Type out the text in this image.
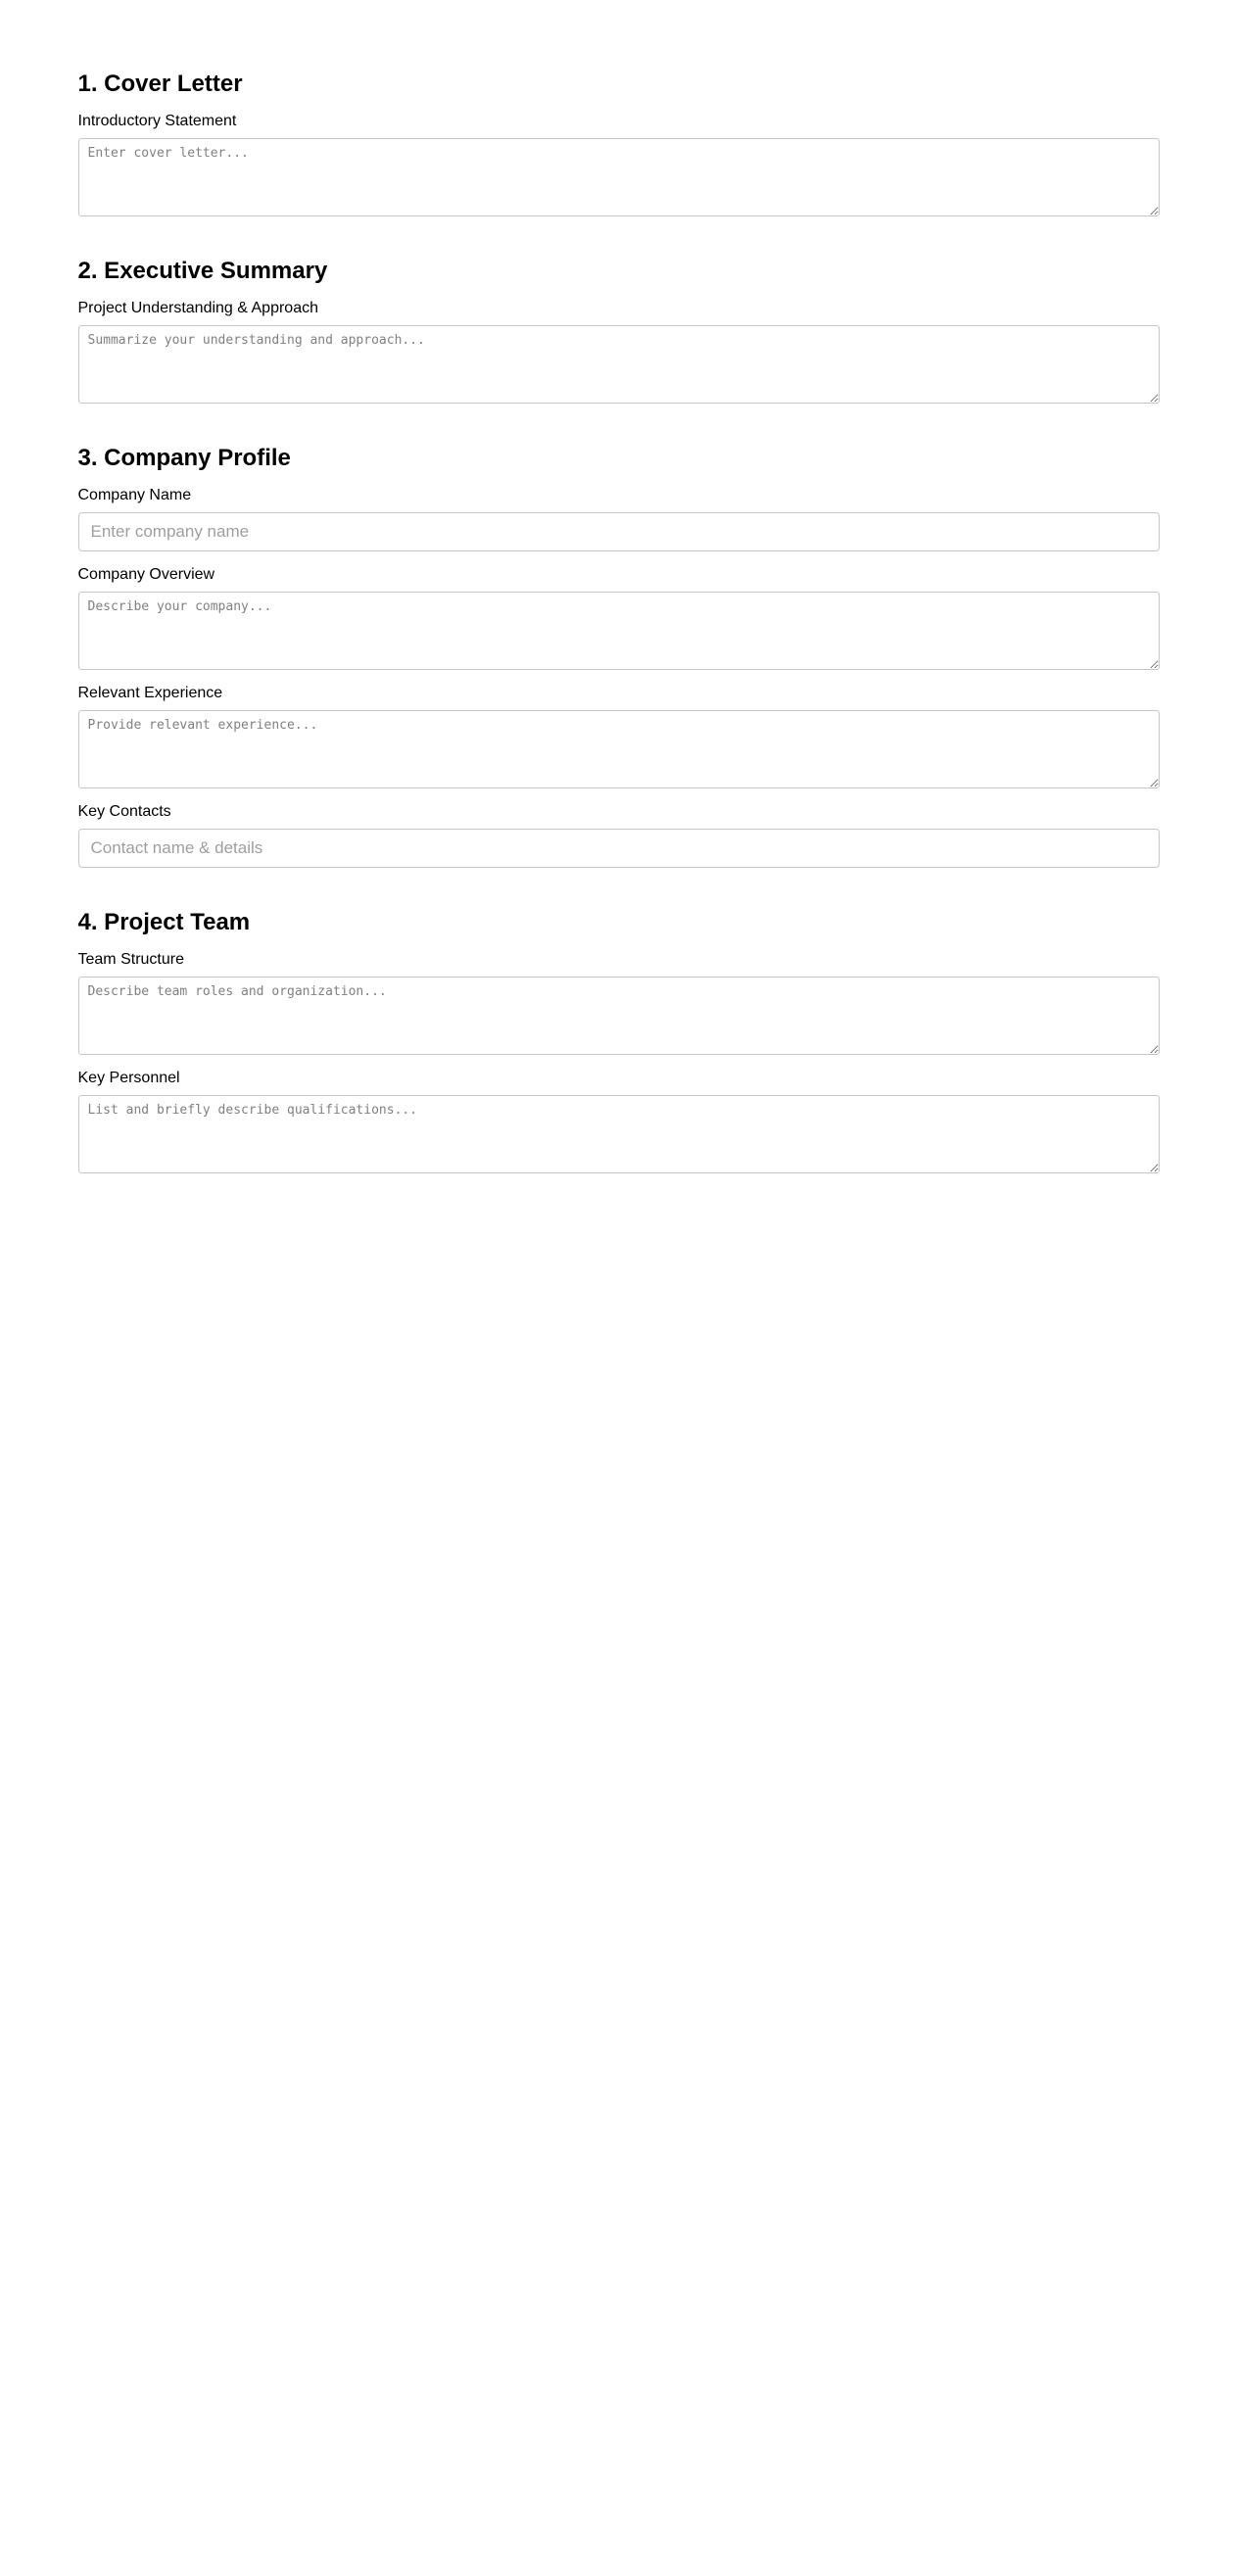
1. Cover Letter
Introductory Statement
Enter cover letter...
2. Executive Summary
Project Understanding & Approach
Summarize your understanding and approach...
3. Company Profile
Company Name
Enter company name
Company Overview
Describe your company...
Relevant Experience
Provide relevant experience...
Key Contacts
Contact name & details
4. Project Team
Team Structure
Describe team roles and organization...
Key Personnel
List and briefly describe qualifications...
